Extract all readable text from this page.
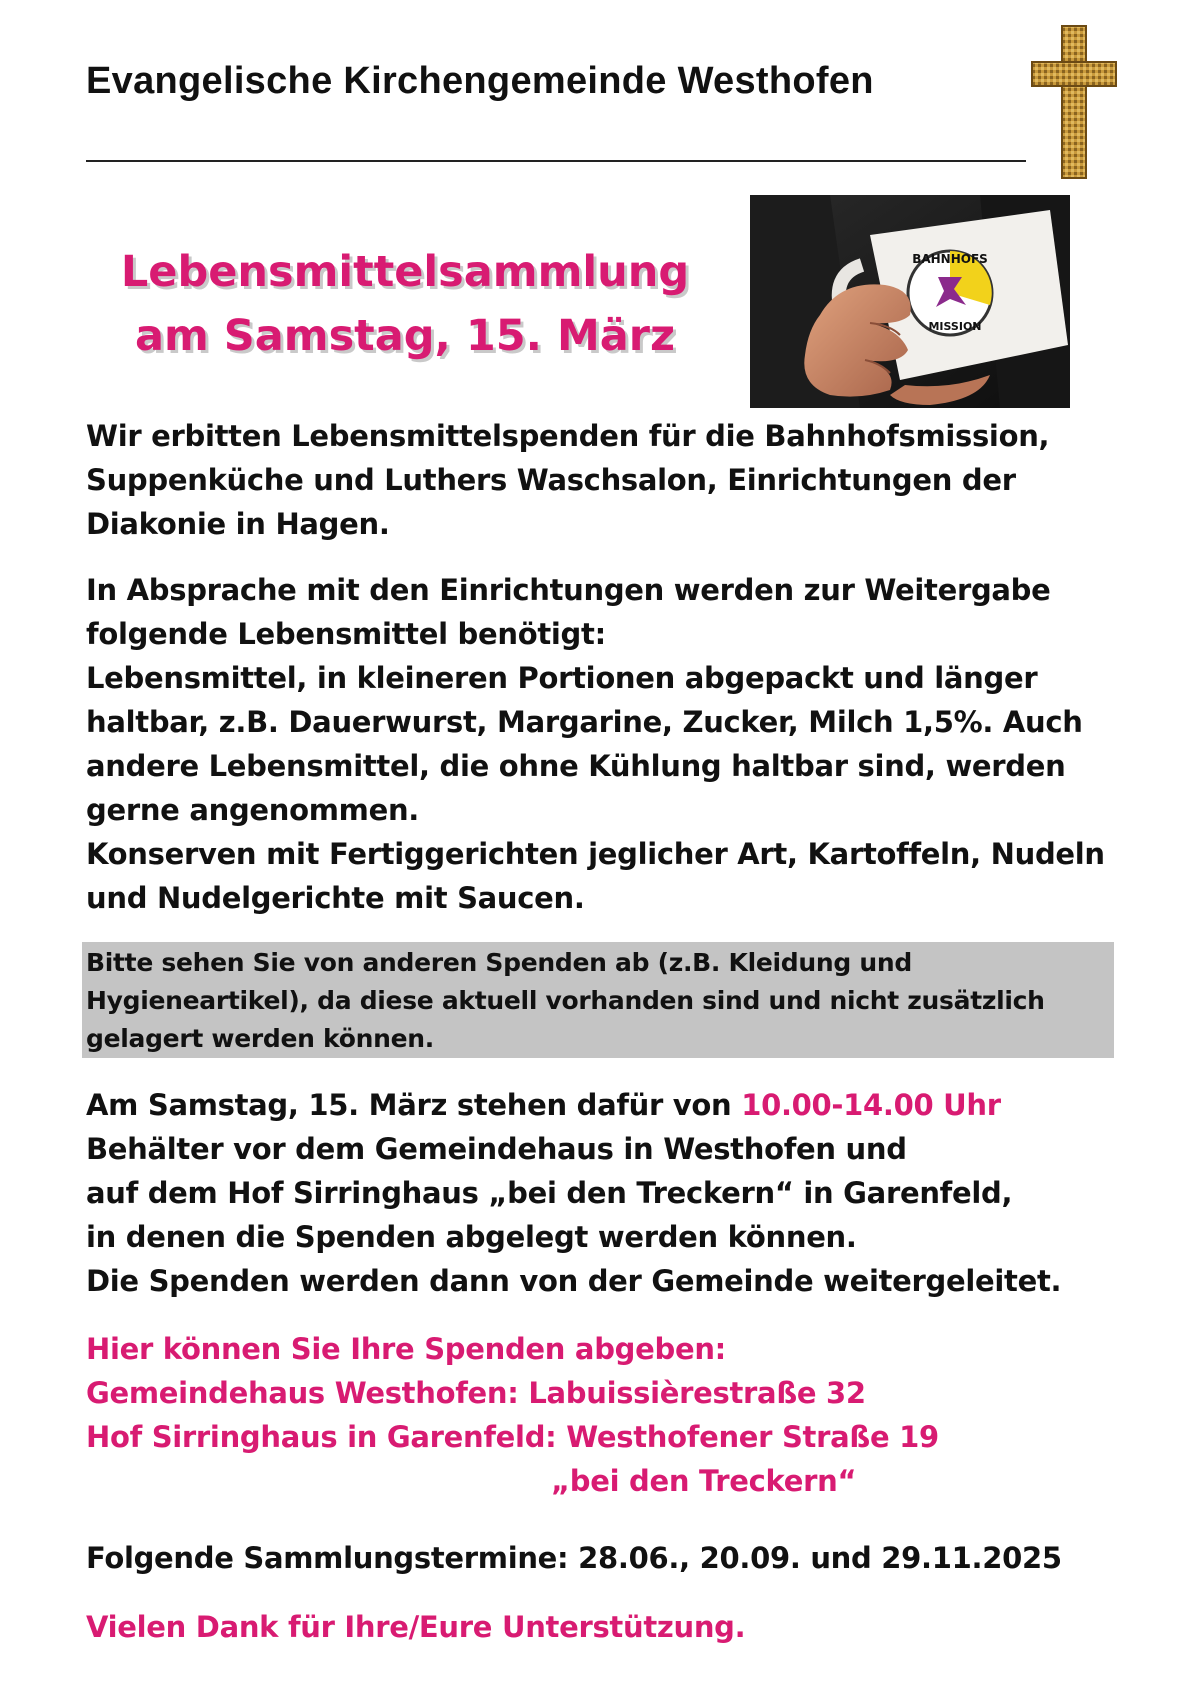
Evangelische Kirchengemeinde Westhofen
Lebensmittelsammlung
am Samstag, 15. März
BAHNHOFS
MISSION
Wir erbitten Lebensmittelspenden für die Bahnhofsmission,
Suppenküche und Luthers Waschsalon, Einrichtungen der
Diakonie in Hagen.
In Absprache mit den Einrichtungen werden zur Weitergabe
folgende Lebensmittel benötigt:
Lebensmittel, in kleineren Portionen abgepackt und länger
haltbar, z.B. Dauerwurst, Margarine, Zucker, Milch 1,5%. Auch
andere Lebensmittel, die ohne Kühlung haltbar sind, werden
gerne angenommen.
Konserven mit Fertiggerichten jeglicher Art, Kartoffeln, Nudeln
und Nudelgerichte mit Saucen.
Bitte sehen Sie von anderen Spenden ab (z.B. Kleidung und
Hygieneartikel), da diese aktuell vorhanden sind und nicht zusätzlich
gelagert werden können.
Am Samstag, 15. März stehen dafür von 10.00-14.00 Uhr
Behälter vor dem Gemeindehaus in Westhofen und
auf dem Hof Sirringhaus „bei den Treckern“ in Garenfeld,
in denen die Spenden abgelegt werden können.
Die Spenden werden dann von der Gemeinde weitergeleitet.
Hier können Sie Ihre Spenden abgeben:
Gemeindehaus Westhofen: Labuissièrestraße 32
Hof Sirringhaus in Garenfeld: Westhofener Straße 19
„bei den Treckern“
Folgende Sammlungstermine: 28.06., 20.09. und 29.11.2025
Vielen Dank für Ihre/Eure Unterstützung.
